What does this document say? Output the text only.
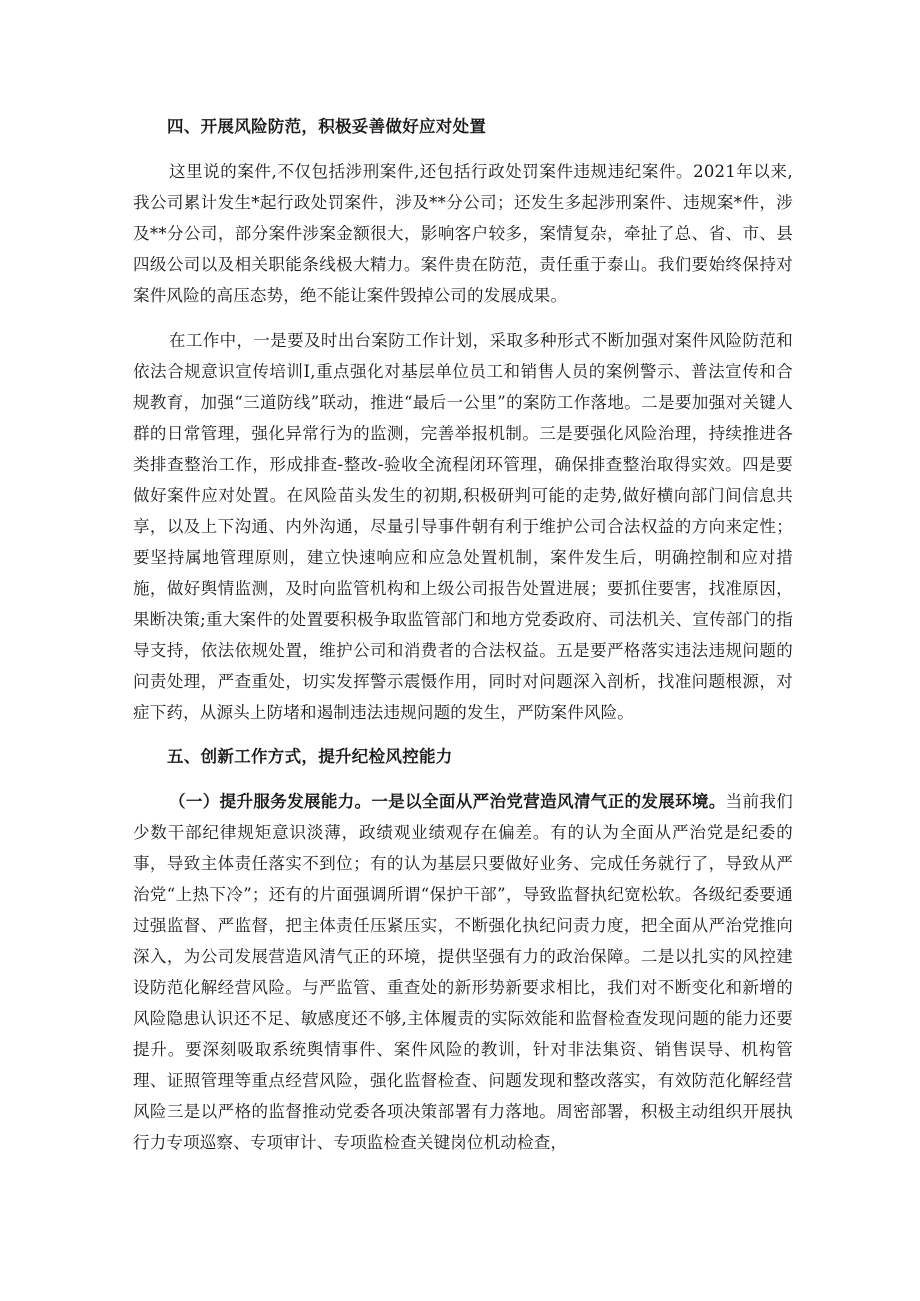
四、开展风险防范，积极妥善做好应对处置

这里说的案件,不仅包括涉刑案件,还包括行政处罚案件违规违纪案件。2021年以来,我公司累计发生*起行政处罚案件，涉及**分公司；还发生多起涉刑案件、违规案*件，涉及**分公司，部分案件涉案金额很大，影响客户较多，案情复杂，牵扯了总、省、市、县四级公司以及相关职能条线极大精力。案件贵在防范，责任重于泰山。我们要始终保持对案件风险的高压态势，绝不能让案件毁掉公司的发展成果。

在工作中，一是要及时出台案防工作计划，采取多种形式不断加强对案件风险防范和依法合规意识宣传培训I,重点强化对基层单位员工和销售人员的案例警示、普法宣传和合规教育，加强“三道防线”联动，推进“最后一公里”的案防工作落地。二是要加强对关键人群的日常管理，强化异常行为的监测，完善举报机制。三是要强化风险治理，持续推进各类排查整治工作，形成排查-整改-验收全流程闭环管理，确保排查整治取得实效。四是要做好案件应对处置。在风险苗头发生的初期,积极研判可能的走势,做好横向部门间信息共享，以及上下沟通、内外沟通，尽量引导事件朝有利于维护公司合法权益的方向来定性；要坚持属地管理原则，建立快速响应和应急处置机制，案件发生后，明确控制和应对措施，做好舆情监测，及时向监管机构和上级公司报告处置进展；要抓住要害，找准原因，果断决策;重大案件的处置要积极争取监管部门和地方党委政府、司法机关、宣传部门的指导支持，依法依规处置，维护公司和消费者的合法权益。五是要严格落实违法违规问题的问责处理，严查重处，切实发挥警示震慑作用，同时对问题深入剖析，找准问题根源，对症下药，从源头上防堵和遏制违法违规问题的发生，严防案件风险。

五、创新工作方式，提升纪检风控能力

（一）提升服务发展能力。一是以全面从严治党营造风清气正的发展环境。当前我们少数干部纪律规矩意识淡薄，政绩观业绩观存在偏差。有的认为全面从严治党是纪委的事，导致主体责任落实不到位；有的认为基层只要做好业务、完成任务就行了，导致从严治党“上热下冷”；还有的片面强调所谓“保护干部”，导致监督执纪宽松软。各级纪委要通过强监督、严监督，把主体责任压紧压实，不断强化执纪问责力度，把全面从严治党推向深入，为公司发展营造风清气正的环境，提供坚强有力的政治保障。二是以扎实的风控建设防范化解经营风险。与严监管、重查处的新形势新要求相比，我们对不断变化和新增的风险隐患认识还不足、敏感度还不够,主体履责的实际效能和监督检查发现问题的能力还要提升。要深刻吸取系统舆情事件、案件风险的教训，针对非法集资、销售误导、机构管理、证照管理等重点经营风险，强化监督检查、问题发现和整改落实，有效防范化解经营风险三是以严格的监督推动党委各项决策部署有力落地。周密部署，积极主动组织开展执行力专项巡察、专项审计、专项监检查关键岗位机动检查，
